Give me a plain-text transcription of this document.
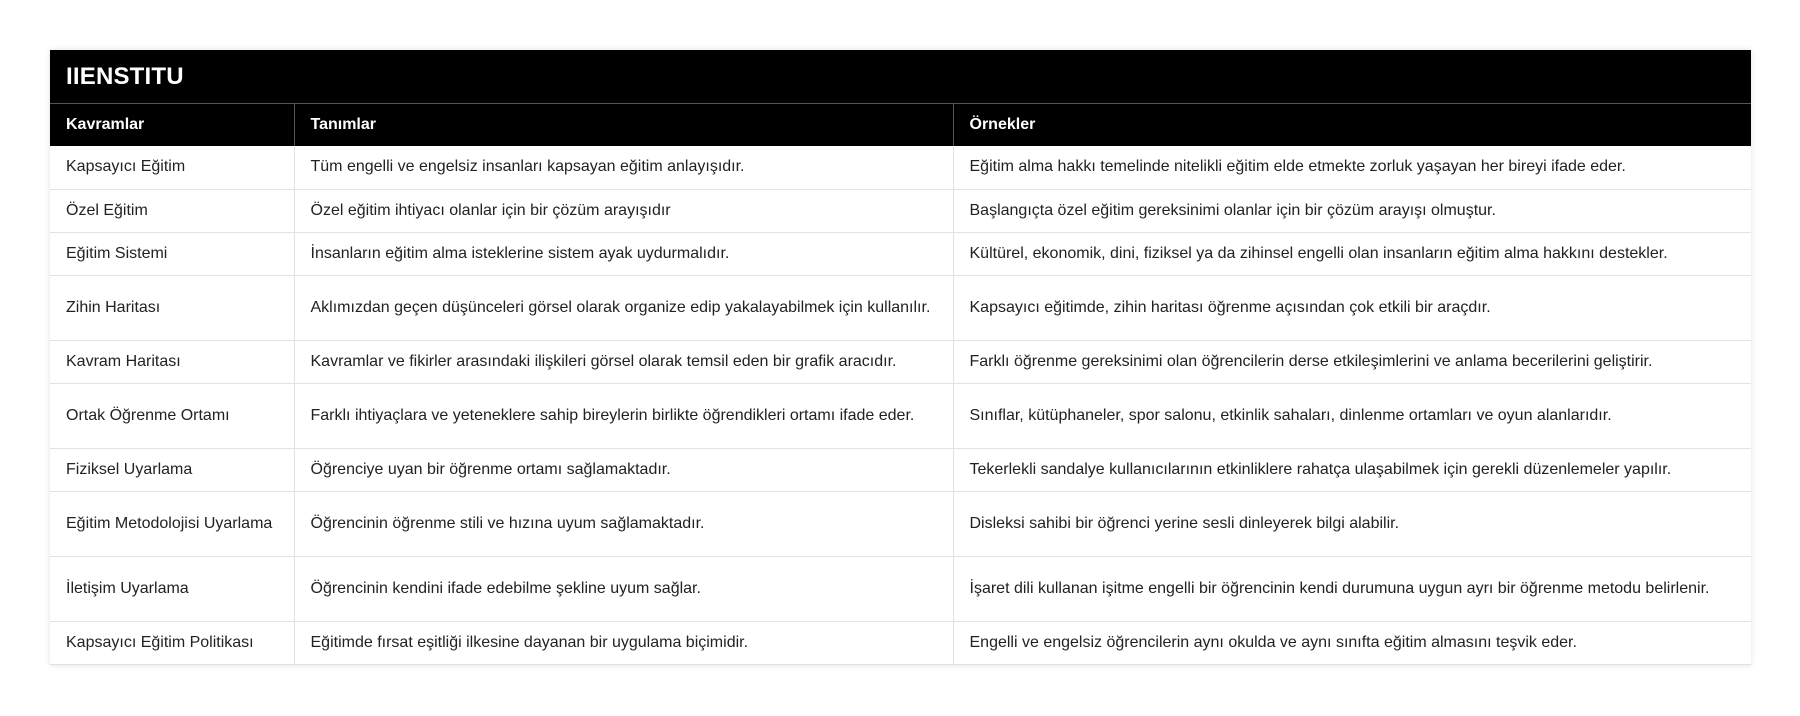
IIENSTITU
Kavramlar	Tanımlar	Örnekler
Kapsayıcı Eğitim	Tüm engelli ve engelsiz insanları kapsayan eğitim anlayışıdır.	Eğitim alma hakkı temelinde nitelikli eğitim elde etmekte zorluk yaşayan her bireyi ifade eder.
Özel Eğitim	Özel eğitim ihtiyacı olanlar için bir çözüm arayışıdır	Başlangıçta özel eğitim gereksinimi olanlar için bir çözüm arayışı olmuştur.
Eğitim Sistemi	İnsanların eğitim alma isteklerine sistem ayak uydurmalıdır.	Kültürel, ekonomik, dini, fiziksel ya da zihinsel engelli olan insanların eğitim alma hakkını destekler.
Zihin Haritası	Aklımızdan geçen düşünceleri görsel olarak organize edip yakalayabilmek için kullanılır.	Kapsayıcı eğitimde, zihin haritası öğrenme açısından çok etkili bir araçdır.
Kavram Haritası	Kavramlar ve fikirler arasındaki ilişkileri görsel olarak temsil eden bir grafik aracıdır.	Farklı öğrenme gereksinimi olan öğrencilerin derse etkileşimlerini ve anlama becerilerini geliştirir.
Ortak Öğrenme Ortamı	Farklı ihtiyaçlara ve yeteneklere sahip bireylerin birlikte öğrendikleri ortamı ifade eder.	Sınıflar, kütüphaneler, spor salonu, etkinlik sahaları, dinlenme ortamları ve oyun alanlarıdır.
Fiziksel Uyarlama	Öğrenciye uyan bir öğrenme ortamı sağlamaktadır.	Tekerlekli sandalye kullanıcılarının etkinliklere rahatça ulaşabilmek için gerekli düzenlemeler yapılır.
Eğitim Metodolojisi Uyarlama	Öğrencinin öğrenme stili ve hızına uyum sağlamaktadır.	Disleksi sahibi bir öğrenci yerine sesli dinleyerek bilgi alabilir.
İletişim Uyarlama	Öğrencinin kendini ifade edebilme şekline uyum sağlar.	İşaret dili kullanan işitme engelli bir öğrencinin kendi durumuna uygun ayrı bir öğrenme metodu belirlenir.
Kapsayıcı Eğitim Politikası	Eğitimde fırsat eşitliği ilkesine dayanan bir uygulama biçimidir.	Engelli ve engelsiz öğrencilerin aynı okulda ve aynı sınıfta eğitim almasını teşvik eder.
